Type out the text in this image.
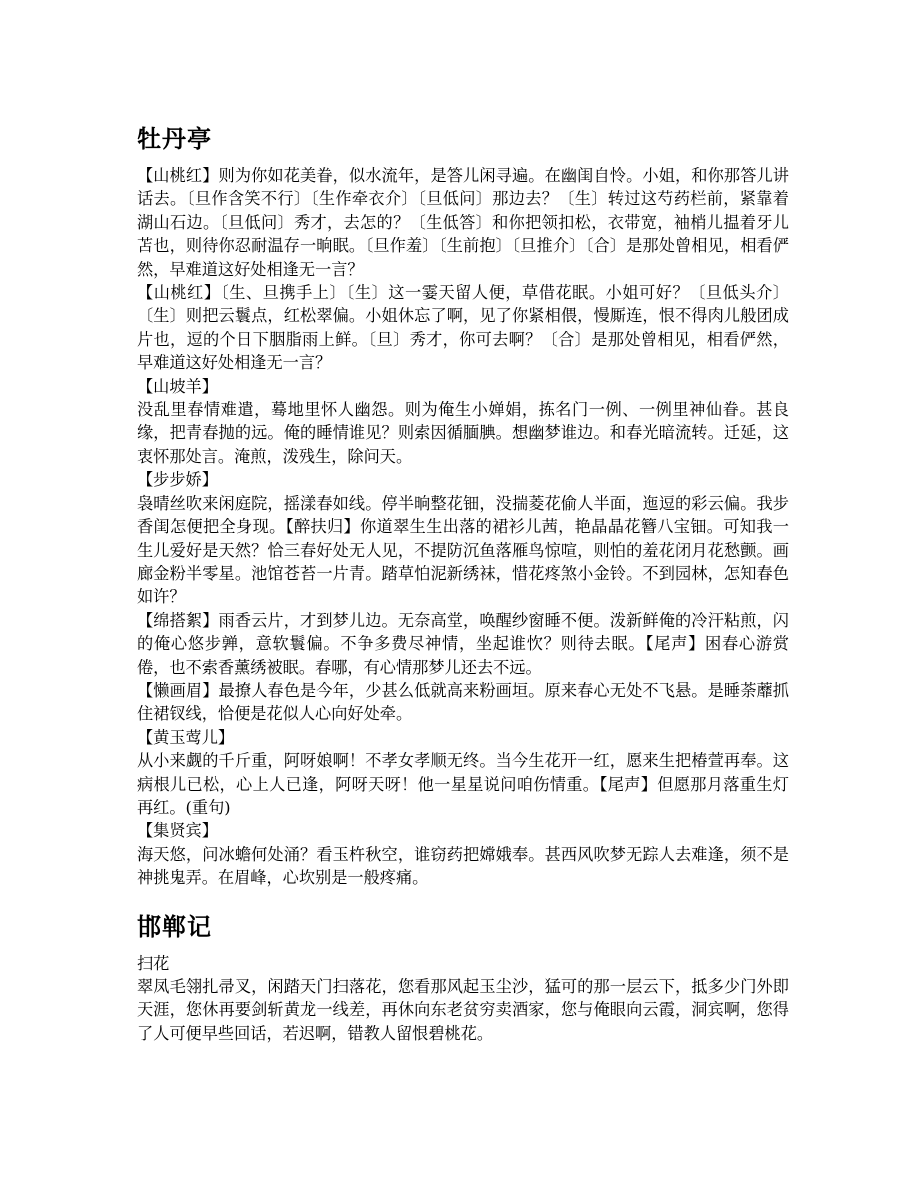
牡丹亭

【山桃红】则为你如花美眷，似水流年，是答儿闲寻遍。在幽闺自怜。小姐，和你那答儿讲话去。〔旦作含笑不行〕〔生作牵衣介〕〔旦低问〕那边去？〔生〕转过这芍药栏前，紧靠着湖山石边。〔旦低问〕秀才，去怎的？〔生低答〕和你把领扣松，衣带宽，袖梢儿揾着牙儿苫也，则待你忍耐温存一晌眠。〔旦作羞〕〔生前抱〕〔旦推介〕〔合〕是那处曾相见，相看俨然，早难道这好处相逢无一言？

【山桃红】〔生、旦携手上〕〔生〕这一霎天留人便，草借花眠。小姐可好？〔旦低头介〕〔生〕则把云鬟点，红松翠偏。小姐休忘了啊，见了你紧相偎，慢厮连，恨不得肉儿般团成片也，逗的个日下胭脂雨上鲜。〔旦〕秀才，你可去啊？〔合〕是那处曾相见，相看俨然，早难道这好处相逢无一言？

【山坡羊】

没乱里春情难遣，蓦地里怀人幽怨。则为俺生小婵娟，拣名门一例、一例里神仙眷。甚良缘，把青春抛的远。俺的睡情谁见？则索因循腼腆。想幽梦谁边。和春光暗流转。迁延，这衷怀那处言。淹煎，泼残生，除问天。

【步步娇】

袅晴丝吹来闲庭院，摇漾春如线。停半晌整花钿，没揣菱花偷人半面，迤逗的彩云偏。我步香闺怎便把全身现。【醉扶归】你道翠生生出落的裙衫儿茜，艳晶晶花簪八宝钿。可知我一生儿爱好是天然？恰三春好处无人见，不提防沉鱼落雁鸟惊喧，则怕的羞花闭月花愁颤。画廊金粉半零星。池馆苍苔一片青。踏草怕泥新绣袜，惜花疼煞小金铃。不到园林，怎知春色如许？

【绵搭絮】雨香云片，才到梦儿边。无奈高堂，唤醒纱窗睡不便。泼新鲜俺的冷汗粘煎，闪的俺心悠步亸，意软鬟偏。不争多费尽神情，坐起谁忺？则待去眠。【尾声】困春心游赏倦，也不索香薰绣被眠。春哪，有心情那梦儿还去不远。

【懒画眉】最撩人春色是今年，少甚么低就高来粉画垣。原来春心无处不飞悬。是睡荼蘼抓住裙钗线，恰便是花似人心向好处牵。

【黄玉莺儿】

从小来觑的千斤重，阿呀娘啊！不孝女孝顺无终。当今生花开一红，愿来生把椿萱再奉。这病根儿已松，心上人已逢，阿呀天呀！他一星星说问咱伤情重。【尾声】但愿那月落重生灯再红。(重句)

【集贤宾】

海天悠，问冰蟾何处涌？看玉杵秋空，谁窃药把嫦娥奉。甚西风吹梦无踪人去难逢，须不是神挑鬼弄。在眉峰，心坎别是一般疼痛。

邯郸记

扫花

翠凤毛翎扎帚叉，闲踏天门扫落花，您看那风起玉尘沙，猛可的那一层云下，抵多少门外即天涯，您休再要剑斩黄龙一线差，再休向东老贫穷卖酒家，您与俺眼向云霞，洞宾啊，您得了人可便早些回话，若迟啊，错教人留恨碧桃花。
